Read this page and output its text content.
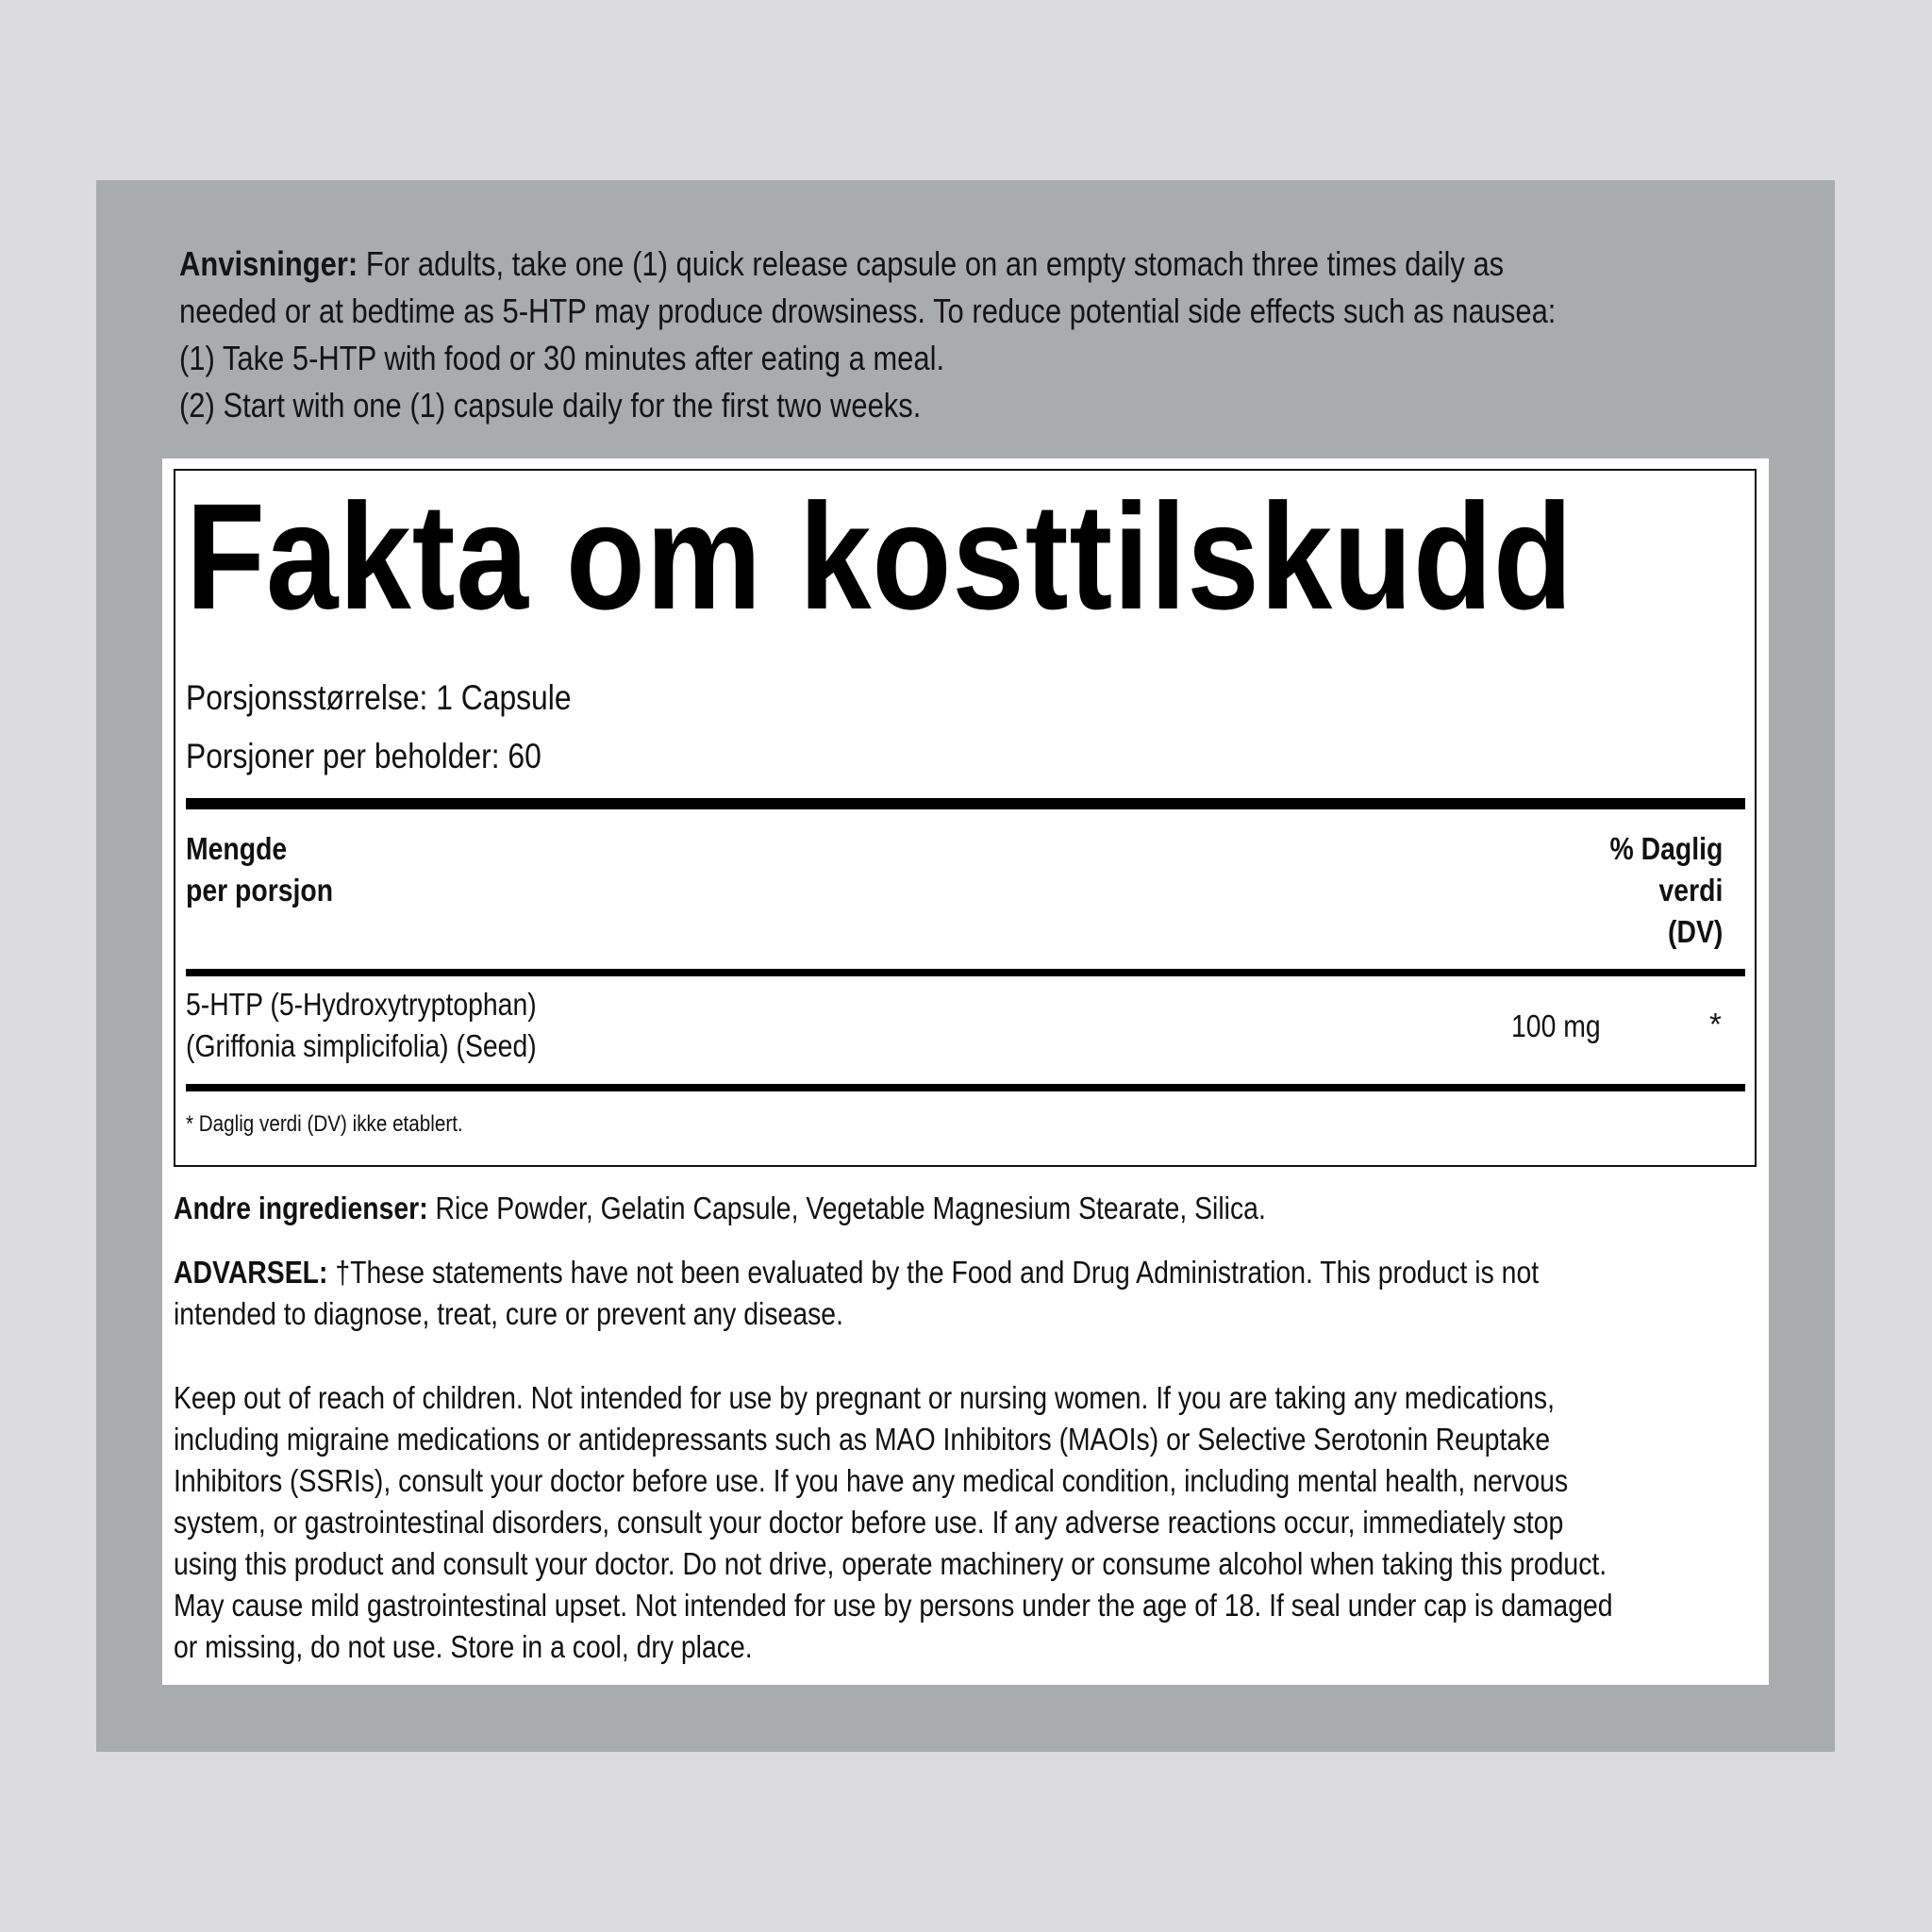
Anvisninger: For adults, take one (1) quick release capsule on an empty stomach three times daily as
needed or at bedtime as 5-HTP may produce drowsiness. To reduce potential side effects such as nausea:
(1) Take 5-HTP with food or 30 minutes after eating a meal.
(2) Start with one (1) capsule daily for the first two weeks.
Fakta om kosttilskudd
Porsjonsstørrelse: 1 Capsule
Porsjoner per beholder: 60
Mengde
per porsjon
% Daglig
verdi
(DV)
5-HTP (5-Hydroxytryptophan)
(Griffonia simplicifolia) (Seed)
100 mg	*
* Daglig verdi (DV) ikke etablert.
Andre ingredienser: Rice Powder, Gelatin Capsule, Vegetable Magnesium Stearate, Silica.
ADVARSEL: †These statements have not been evaluated by the Food and Drug Administration. This product is not
intended to diagnose, treat, cure or prevent any disease.
Keep out of reach of children. Not intended for use by pregnant or nursing women. If you are taking any medications,
including migraine medications or antidepressants such as MAO Inhibitors (MAOIs) or Selective Serotonin Reuptake
Inhibitors (SSRIs), consult your doctor before use. If you have any medical condition, including mental health, nervous
system, or gastrointestinal disorders, consult your doctor before use. If any adverse reactions occur, immediately stop
using this product and consult your doctor. Do not drive, operate machinery or consume alcohol when taking this product.
May cause mild gastrointestinal upset. Not intended for use by persons under the age of 18. If seal under cap is damaged
or missing, do not use. Store in a cool, dry place.
